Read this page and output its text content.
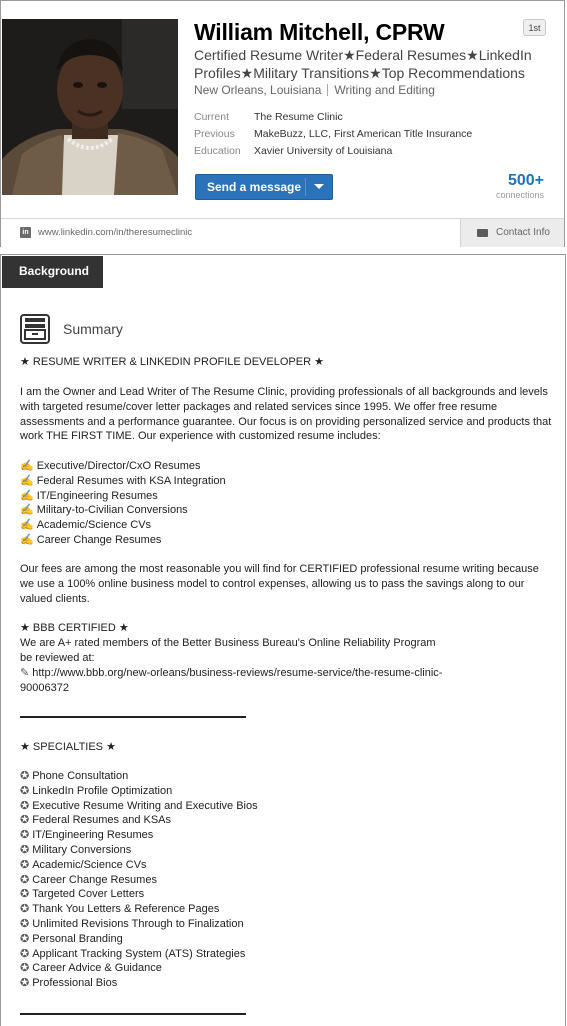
William Mitchell, CPRW	1st
Certified Resume Writer★Federal Resumes★LinkedIn Profiles★Military Transitions★Top Recommendations
New Orleans, Louisiana Writing and Editing
Current The Resume Clinic
Previous MakeBuzz, LLC, First American Title Insurance
Education Xavier University of Louisiana
Send a message	500+
connections
in www.linkedin.com/in/theresumeclinic	Contact Info
Background
Summary
★ RESUME WRITER & LINKEDIN PROFILE DEVELOPER ★
I am the Owner and Lead Writer of The Resume Clinic, providing professionals of all backgrounds and levels with targeted resume/cover letter packages and related services since 1995. We offer free resume assessments and a performance guarantee. Our focus is on providing personalized service and products that work THE FIRST TIME. Our experience with customized resume includes:
✍ Executive/Director/CxO Resumes
✍ Federal Resumes with KSA Integration
✍ IT/Engineering Resumes
✍ Military-to-Civilian Conversions
✍ Academic/Science CVs
✍ Career Change Resumes
Our fees are among the most reasonable you will find for CERTIFIED professional resume writing because we use a 100% online business model to control expenses, allowing us to pass the savings along to our valued clients.
★ BBB CERTIFIED ★
We are A+ rated members of the Better Business Bureau's Online Reliability Program
be reviewed at:
✎ http://www.bbb.org/new-orleans/business-reviews/resume-service/the-resume-clinic-
90006372
★ SPECIALTIES ★
✪ Phone Consultation
✪ LinkedIn Profile Optimization
✪ Executive Resume Writing and Executive Bios
✪ Federal Resumes and KSAs
✪ IT/Engineering Resumes
✪ Military Conversions
✪ Academic/Science CVs
✪ Career Change Resumes
✪ Targeted Cover Letters
✪ Thank You Letters & Reference Pages
✪ Unlimited Revisions Through to Finalization
✪ Personal Branding
✪ Applicant Tracking System (ATS) Strategies
✪ Career Advice & Guidance
✪ Professional Bios
